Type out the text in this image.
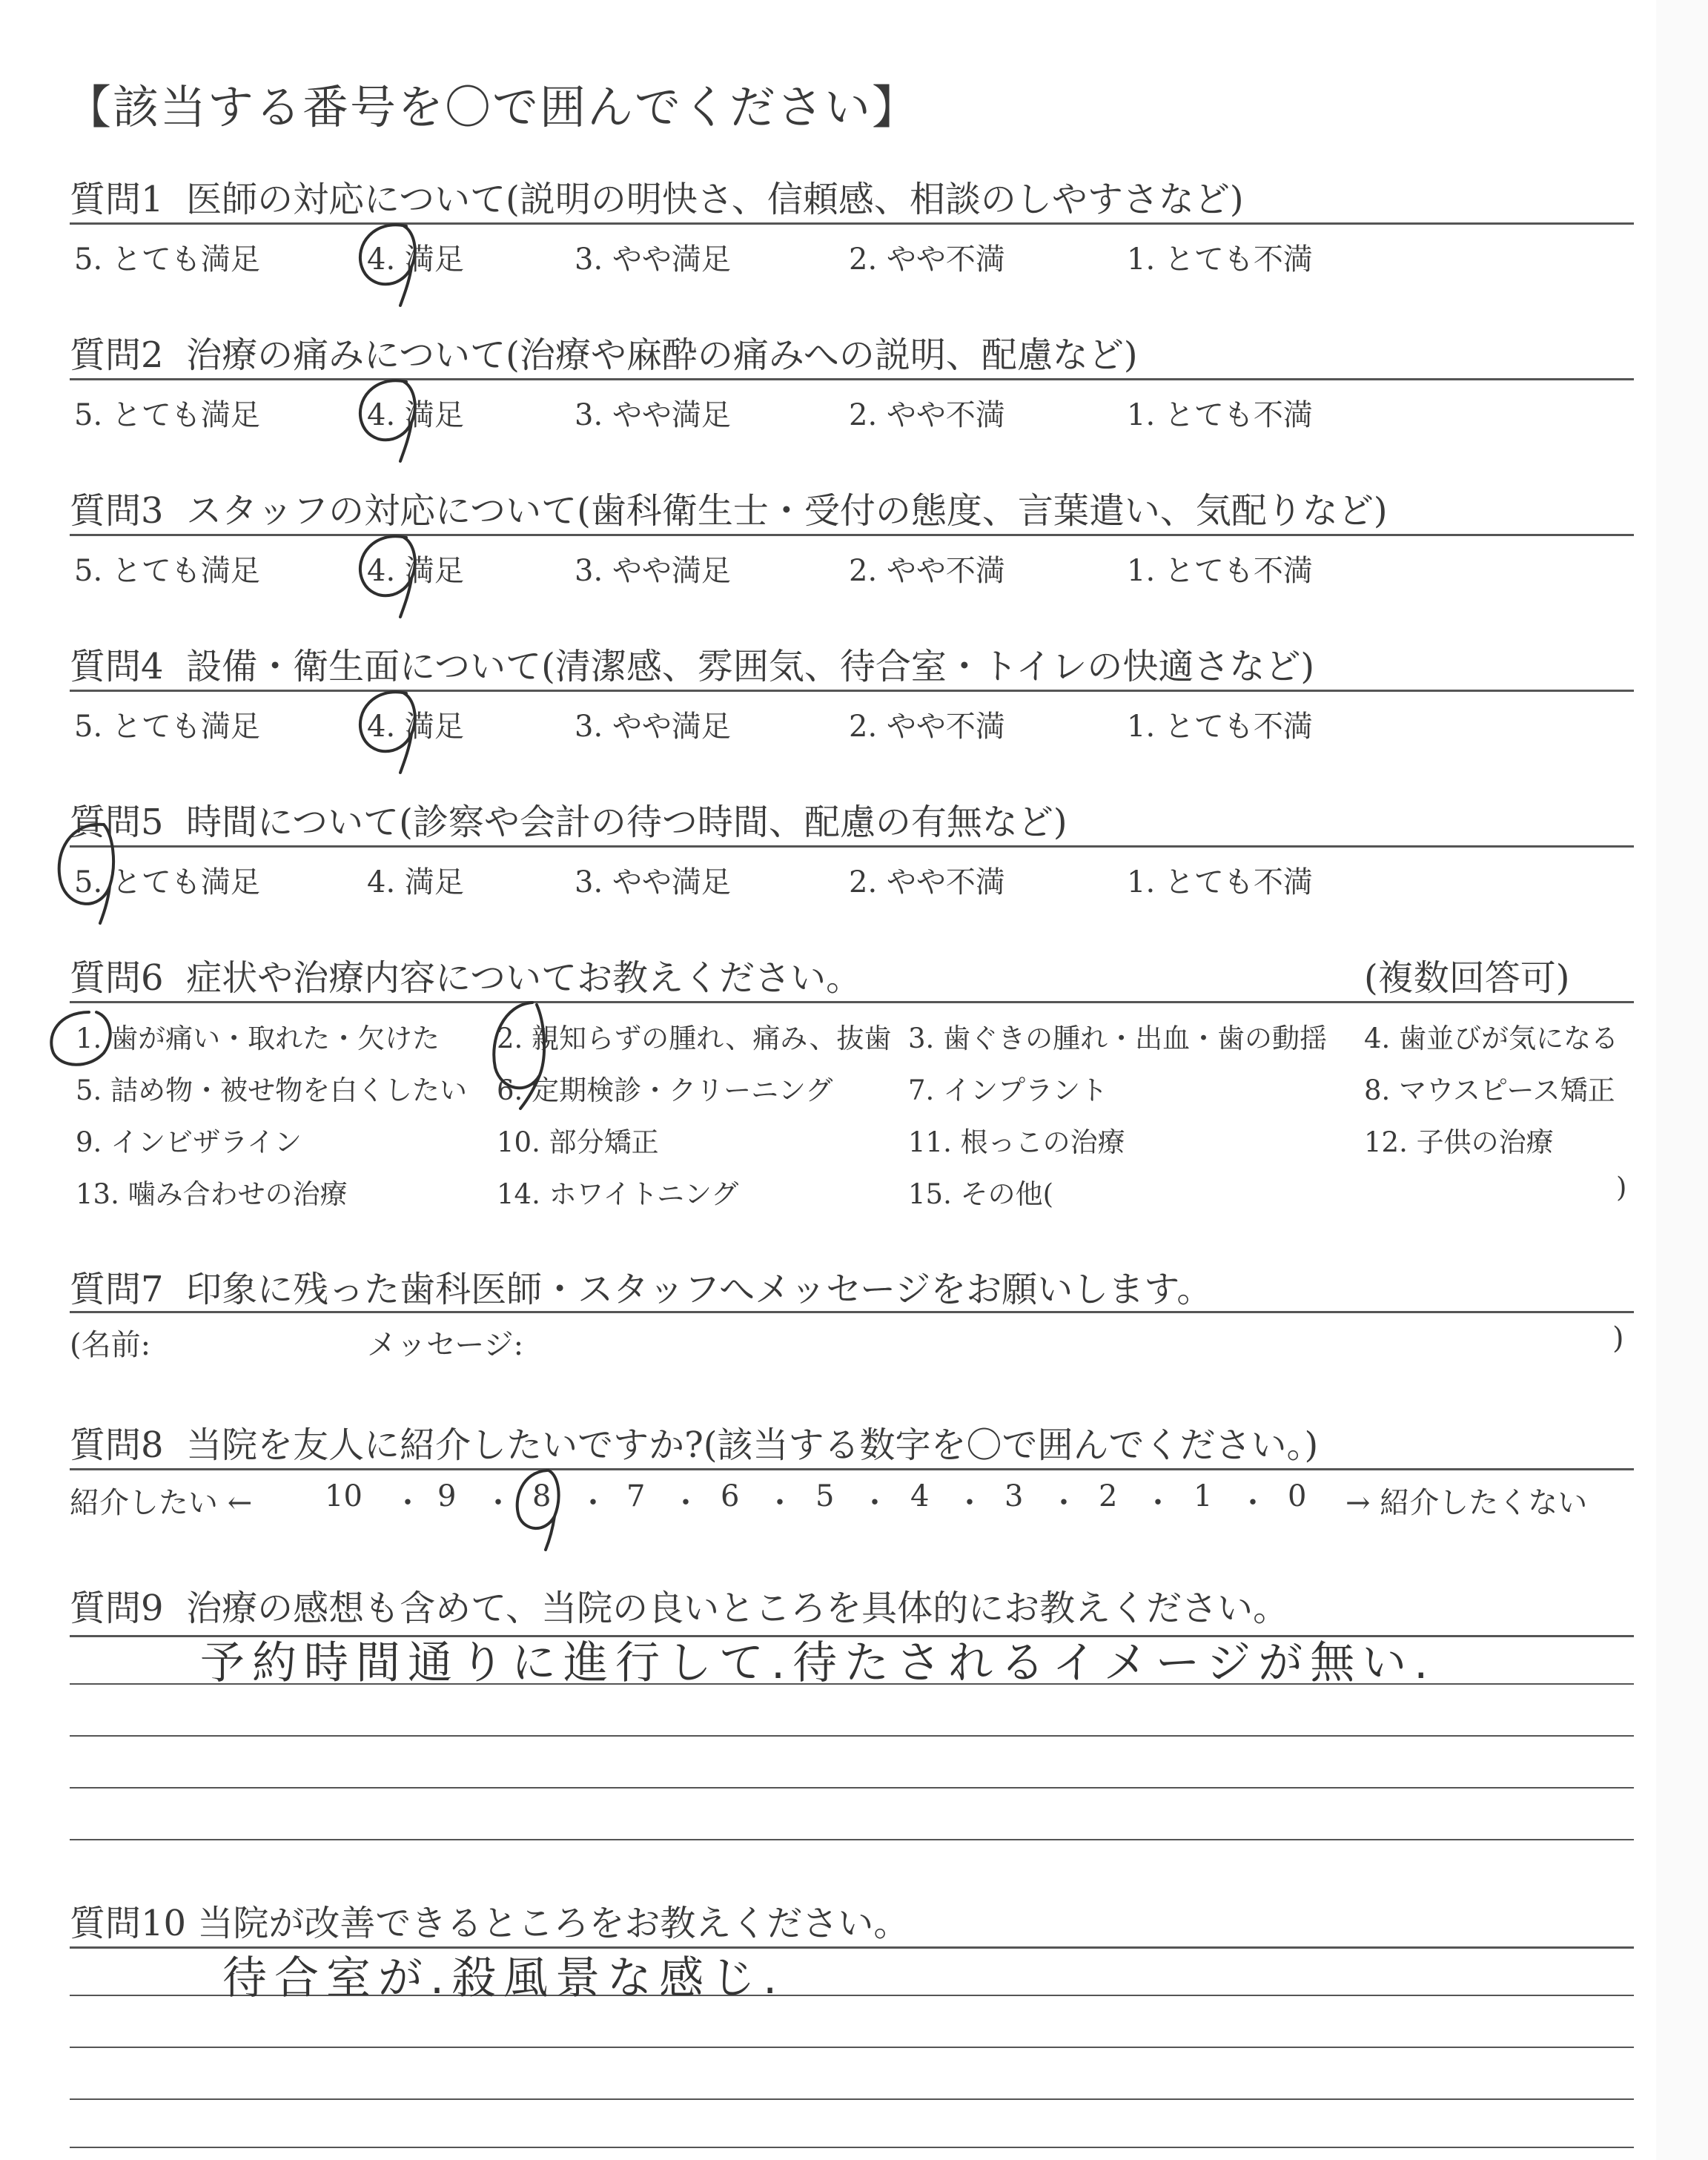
【該当する番号を〇で囲んでください】
質問1 医師の対応について(説明の明快さ、信頼感、相談のしやすさなど)
5. とても満足	4. 満足	3. やや満足	2. やや不満	1. とても不満
質問2 治療の痛みについて(治療や麻酔の痛みへの説明、配慮など)
5. とても満足	4. 満足	3. やや満足	2. やや不満	1. とても不満
質問3 スタッフの対応について(歯科衛生士・受付の態度、言葉遣い、気配りなど)
5. とても満足	4. 満足	3. やや満足	2. やや不満	1. とても不満
質問4 設備・衛生面について(清潔感、雰囲気、待合室・トイレの快適さなど)
5. とても満足	4. 満足	3. やや満足	2. やや不満	1. とても不満
質問5 時間について(診察や会計の待つ時間、配慮の有無など)
5. とても満足	4. 満足	3. やや満足	2. やや不満	1. とても不満
質問6 症状や治療内容についてお教えください。	(複数回答可)
1. 歯が痛い・取れた・欠けた 2. 親知らずの腫れ、痛み、抜歯 3. 歯ぐきの腫れ・出血・歯の動揺 4. 歯並びが気になる
5. 詰め物・被せ物を白くしたい 6. 定期検診・クリーニング	7. インプラント	8. マウスピース矯正
9. インビザライン	10. 部分矯正	11. 根っこの治療	12. 子供の治療
13. 噛み合わせの治療	14. ホワイトニング	15. その他(	)
質問7 印象に残った歯科医師・スタッフへメッセージをお願いします。
(名前:	メッセージ:	)
質問8 当院を友人に紹介したいですか?(該当する数字を〇で囲んでください。)
紹介したい ← 10 ・ 9 ・ 8 ・ 7 ・ 6 ・ 5 ・ 4 ・ 3 ・ 2 ・ 1 ・ 0 → 紹介したくない
質問9 治療の感想も含めて、当院の良いところを具体的にお教えください。
予約時間通りに進行して.待たされるイメージが無い.
質問10 当院が改善できるところをお教えください。
待合室が.殺風景な感じ.
